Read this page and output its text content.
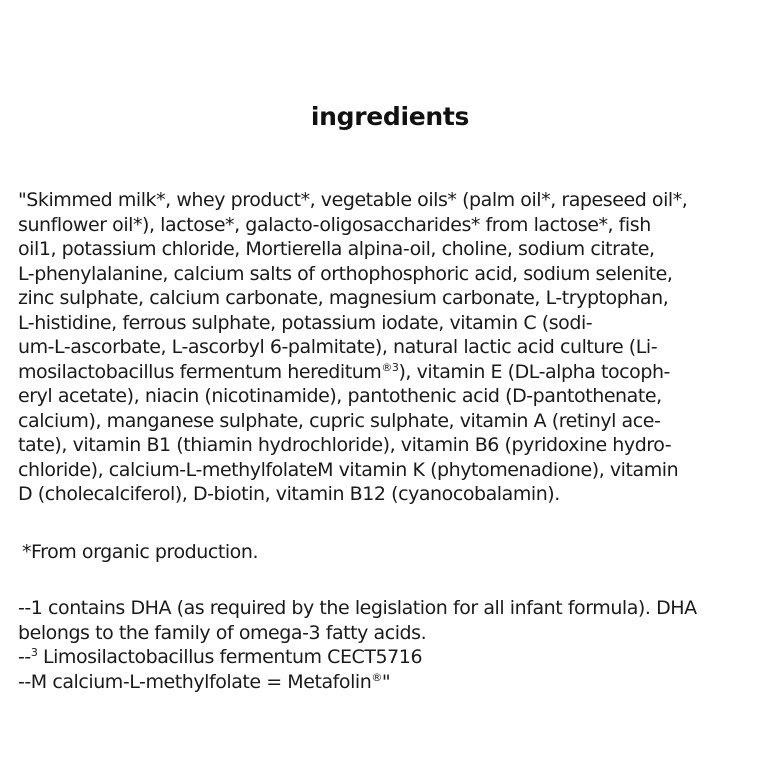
ingredients
"Skimmed milk*, whey product*, vegetable oils* (palm oil*, rapeseed oil*,
sunflower oil*), lactose*, galacto-oligosaccharides* from lactose*, fish
oil1, potassium chloride, Mortierella alpina-oil, choline, sodium citrate,
L-phenylalanine, calcium salts of orthophosphoric acid, sodium selenite,
zinc sulphate, calcium carbonate, magnesium carbonate, L-tryptophan,
L-histidine, ferrous sulphate, potassium iodate, vitamin C (sodi-
um-L-ascorbate, L-ascorbyl 6-palmitate), natural lactic acid culture (Li-
mosilactobacillus fermentum hereditum$^{®3}$), vitamin E (DL-alpha tocoph-
eryl acetate), niacin (nicotinamide), pantothenic acid (D-pantothenate,
calcium), manganese sulphate, cupric sulphate, vitamin A (retinyl ace-
tate), vitamin B1 (thiamin hydrochloride), vitamin B6 (pyridoxine hydro-
chloride), calcium-L-methylfolateM vitamin K (phytomenadione), vitamin
D (cholecalciferol), D-biotin, vitamin B12 (cyanocobalamin).
*From organic production.
--1 contains DHA (as required by the legislation for all infant formula). DHA
belongs to the family of omega-3 fatty acids.
--$^3$ Limosilactobacillus fermentum CECT5716
--M calcium-L-methylfolate = Metafolin®"
